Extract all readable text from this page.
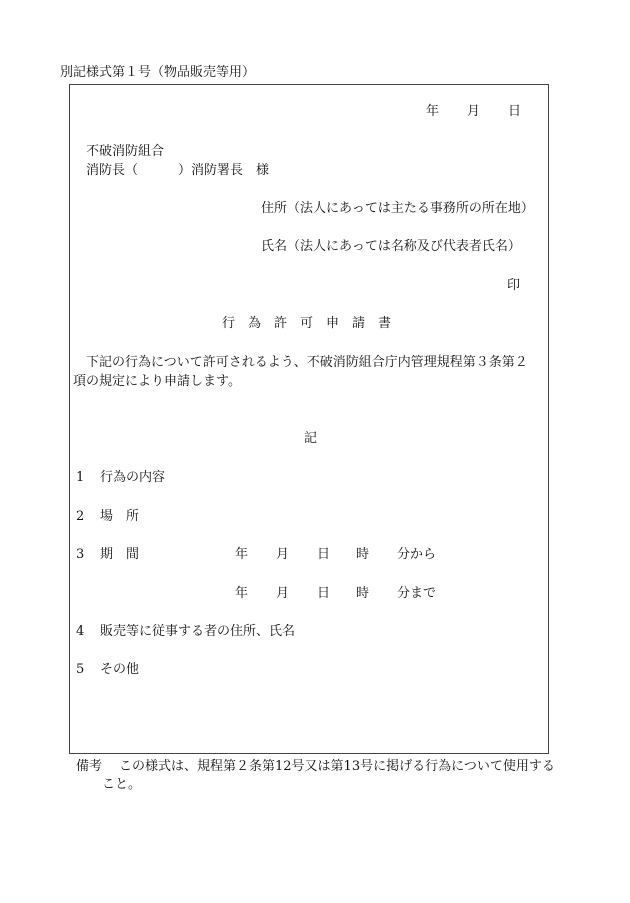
別記様式第１号（物品販売等用）
年 月 日
不破消防組合
消防長（	）消防署長　様
住所（法人にあっては主たる事務所の所在地）
氏名（法人にあっては名称及び代表者氏名）
印
行為許可申請書
下記の行為について許可されるよう、不破消防組合庁内管理規程第３条第２
項の規定により申請します。
記
1 行為の内容
2 場　所
3 期　間	年 月 日 時 分から
年 月 日 時 分まで
4 販売等に従事する者の住所、氏名
5 その他
備考 この様式は、規程第２条第12号又は第13号に掲げる行為について使用する
こと。
